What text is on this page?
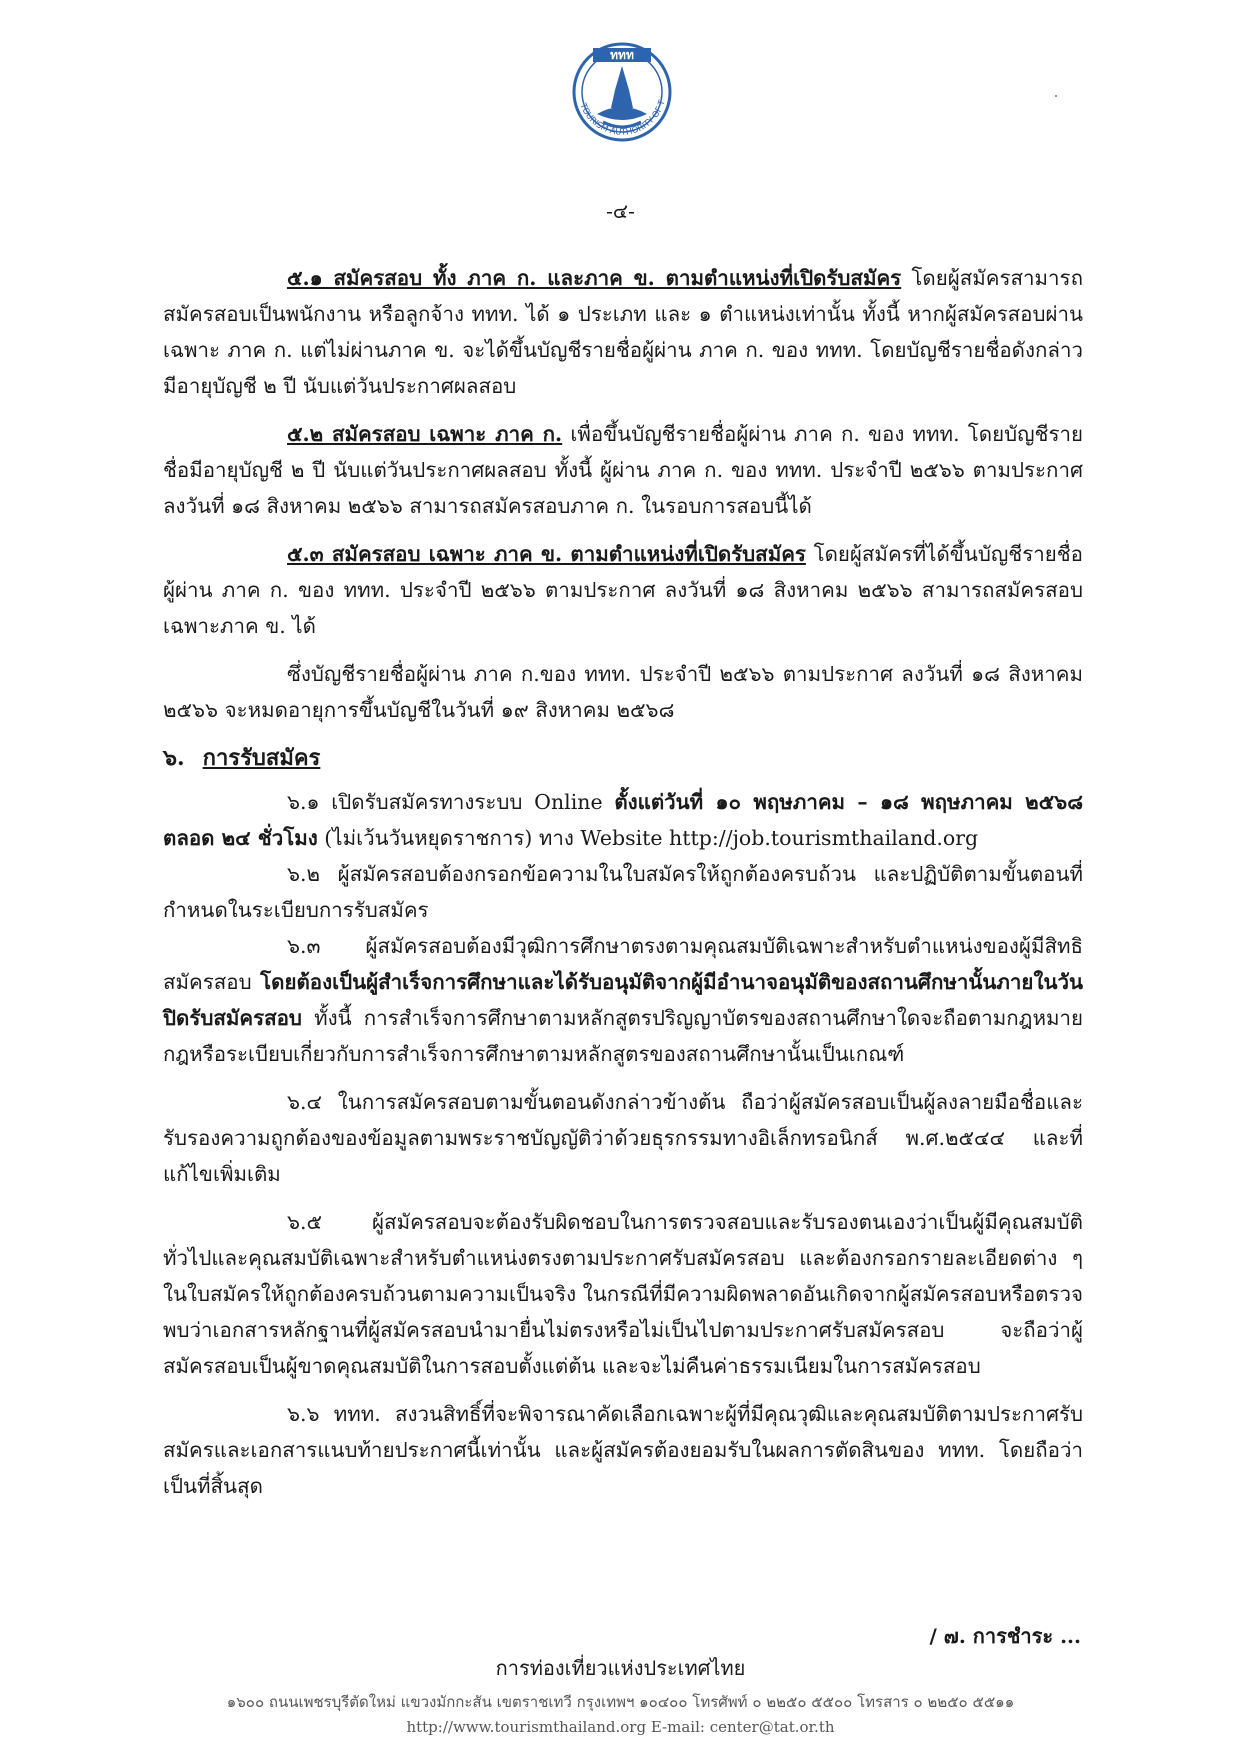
ททท
TOURISM AUTHORITY OF T
-๔-

๕.๑ สมัครสอบ ทั้ง ภาค ก. และภาค ข. ตามตำแหน่งที่เปิดรับสมัคร โดยผู้สมัครสามารถสมัครสอบเป็นพนักงาน หรือลูกจ้าง ททท. ได้ ๑ ประเภท และ ๑ ตำแหน่งเท่านั้น ทั้งนี้ หากผู้สมัครสอบผ่านเฉพาะ ภาค ก. แต่ไม่ผ่านภาค ข. จะได้ขึ้นบัญชีรายชื่อผู้ผ่าน ภาค ก. ของ ททท. โดยบัญชีรายชื่อดังกล่าวมีอายุบัญชี ๒ ปี นับแต่วันประกาศผลสอบ

๕.๒ สมัครสอบ เฉพาะ ภาค ก. เพื่อขึ้นบัญชีรายชื่อผู้ผ่าน ภาค ก. ของ ททท. โดยบัญชีรายชื่อมีอายุบัญชี ๒ ปี นับแต่วันประกาศผลสอบ ทั้งนี้ ผู้ผ่าน ภาค ก. ของ ททท. ประจำปี ๒๕๖๖ ตามประกาศ ลงวันที่ ๑๘ สิงหาคม ๒๕๖๖ สามารถสมัครสอบภาค ก. ในรอบการสอบนี้ได้

๕.๓ สมัครสอบ เฉพาะ ภาค ข. ตามตำแหน่งที่เปิดรับสมัคร โดยผู้สมัครที่ได้ขึ้นบัญชีรายชื่อผู้ผ่าน ภาค ก. ของ ททท. ประจำปี ๒๕๖๖ ตามประกาศ ลงวันที่ ๑๘ สิงหาคม ๒๕๖๖ สามารถสมัครสอบเฉพาะภาค ข. ได้

ซึ่งบัญชีรายชื่อผู้ผ่าน ภาค ก.ของ ททท. ประจำปี ๒๕๖๖ ตามประกาศ ลงวันที่ ๑๘ สิงหาคม ๒๕๖๖ จะหมดอายุการขึ้นบัญชีในวันที่ ๑๙ สิงหาคม ๒๕๖๘

๖. การรับสมัคร

๖.๑ เปิดรับสมัครทางระบบ Online ตั้งแต่วันที่ ๑๐ พฤษภาคม – ๑๘ พฤษภาคม ๒๕๖๘ ตลอด ๒๔ ชั่วโมง (ไม่เว้นวันหยุดราชการ) ทาง Website http://job.tourismthailand.org

๖.๒ ผู้สมัครสอบต้องกรอกข้อความในใบสมัครให้ถูกต้องครบถ้วน และปฏิบัติตามขั้นตอนที่กำหนดในระเบียบการรับสมัคร

๖.๓ ผู้สมัครสอบต้องมีวุฒิการศึกษาตรงตามคุณสมบัติเฉพาะสำหรับตำแหน่งของผู้มีสิทธิสมัครสอบ โดยต้องเป็นผู้สำเร็จการศึกษาและได้รับอนุมัติจากผู้มีอำนาจอนุมัติของสถานศึกษานั้นภายในวันปิดรับสมัครสอบ ทั้งนี้ การสำเร็จการศึกษาตามหลักสูตรปริญญาบัตรของสถานศึกษาใดจะถือตามกฎหมาย กฎหรือระเบียบเกี่ยวกับการสำเร็จการศึกษาตามหลักสูตรของสถานศึกษานั้นเป็นเกณฑ์

๖.๔ ในการสมัครสอบตามขั้นตอนดังกล่าวข้างต้น ถือว่าผู้สมัครสอบเป็นผู้ลงลายมือชื่อและรับรองความถูกต้องของข้อมูลตามพระราชบัญญัติว่าด้วยธุรกรรมทางอิเล็กทรอนิกส์ พ.ศ.๒๕๔๔ และที่แก้ไขเพิ่มเติม

๖.๕ ผู้สมัครสอบจะต้องรับผิดชอบในการตรวจสอบและรับรองตนเองว่าเป็นผู้มีคุณสมบัติทั่วไปและคุณสมบัติเฉพาะสำหรับตำแหน่งตรงตามประกาศรับสมัครสอบ และต้องกรอกรายละเอียดต่าง ๆ ในใบสมัครให้ถูกต้องครบถ้วนตามความเป็นจริง ในกรณีที่มีความผิดพลาดอันเกิดจากผู้สมัครสอบหรือตรวจพบว่าเอกสารหลักฐานที่ผู้สมัครสอบนำมายื่นไม่ตรงหรือไม่เป็นไปตามประกาศรับสมัครสอบ จะถือว่าผู้สมัครสอบเป็นผู้ขาดคุณสมบัติในการสอบตั้งแต่ต้น และจะไม่คืนค่าธรรมเนียมในการสมัครสอบ

๖.๖ ททท. สงวนสิทธิ์ที่จะพิจารณาคัดเลือกเฉพาะผู้ที่มีคุณวุฒิและคุณสมบัติตามประกาศรับสมัครและเอกสารแนบท้ายประกาศนี้เท่านั้น และผู้สมัครต้องยอมรับในผลการตัดสินของ ททท. โดยถือว่าเป็นที่สิ้นสุด

/ ๗. การชำระ ...
การท่องเที่ยวแห่งประเทศไทย
๑๖๐๐ ถนนเพชรบุรีตัดใหม่ แขวงมักกะสัน เขตราชเทวี กรุงเทพฯ ๑๐๔๐๐ โทรศัพท์ ๐ ๒๒๕๐ ๕๕๐๐ โทรสาร ๐ ๒๒๕๐ ๕๕๑๑
http://www.tourismthailand.org E-mail: center@tat.or.th
